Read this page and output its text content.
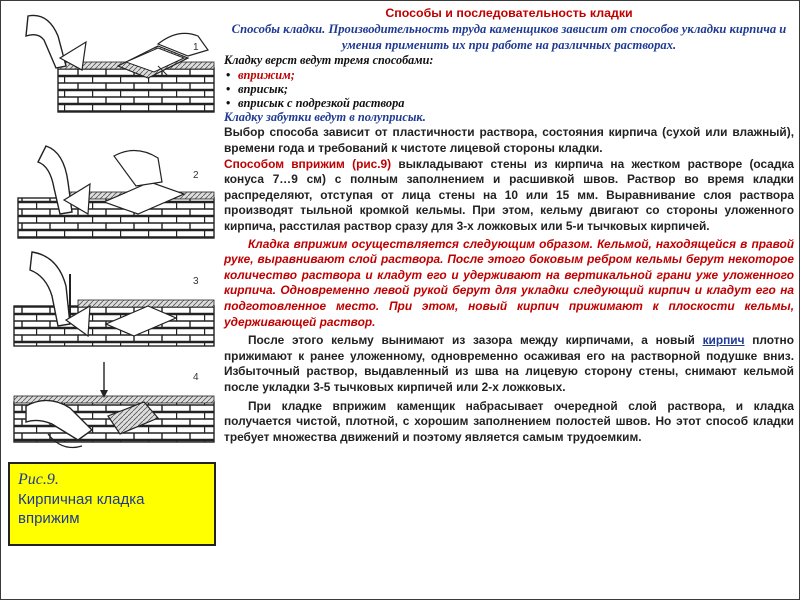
1
2
3
4
Рис.9.
Кирпичная кладка вприжим
Способы и последовательность кладки
Способы кладки. Производительность труда каменщиков зависит от способов укладки кирпича и умения применить их при работе на различных растворах.
Кладку верст ведут тремя способами:
• вприжим;
• вприсык;
• вприсык с подрезкой раствора
Кладку забутки ведут в полуприсык.

Выбор способа зависит от пластичности раствора, состояния кирпича (сухой или влажный), времени года и требований к чистоте лицевой стороны кладки.

Способом вприжим (рис.9) выкладывают стены из кирпича на жестком растворе (осадка конуса 7…9 см) с полным заполнением и расшивкой швов. Раствор во время кладки распределяют, отступая от лица стены на 10 или 15 мм. Выравнивание слоя раствора производят тыльной кромкой кельмы. При этом, кельму двигают со стороны уложенного кирпича, расстилая раствор сразу для 3-х ложковых или 5-и тычковых кирпичей.

Кладка вприжим осуществляется следующим образом. Кельмой, находящейся в правой руке, выравнивают слой раствора. После этого боковым ребром кельмы берут некоторое количество раствора и кладут его и удерживают на вертикальной грани уже уложенного кирпича. Одновременно левой рукой берут для укладки следующий кирпич и кладут его на подготовленное место. При этом, новый кирпич прижимают к плоскости кельмы, удерживающей раствор.

После этого кельму вынимают из зазора между кирпичами, а новый кирпич плотно прижимают к ранее уложенному, одновременно осаживая его на растворной подушке вниз. Избыточный раствор, выдавленный из шва на лицевую сторону стены, снимают кельмой после укладки 3-5 тычковых кирпичей или 2-х ложковых.

При кладке вприжим каменщик набрасывает очередной слой раствора, и кладка получается чистой, плотной, с хорошим заполнением полостей швов. Но этот способ кладки требует множества движений и поэтому является самым трудоемким.
